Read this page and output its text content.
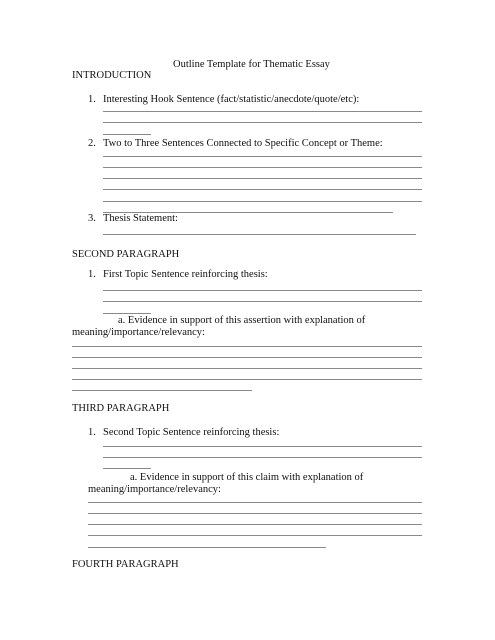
Outline Template for Thematic Essay
INTRODUCTION
1. Interesting Hook Sentence (fact/statistic/anecdote/quote/etc):
2. Two to Three Sentences Connected to Specific Concept or Theme:
3. Thesis Statement:
SECOND PARAGRAPH
1. First Topic Sentence reinforcing thesis:
a. Evidence in support of this assertion with explanation of
meaning/importance/relevancy:
THIRD PARAGRAPH
1. Second Topic Sentence reinforcing thesis:
a. Evidence in support of this claim with explanation of
meaning/importance/relevancy:
FOURTH PARAGRAPH
